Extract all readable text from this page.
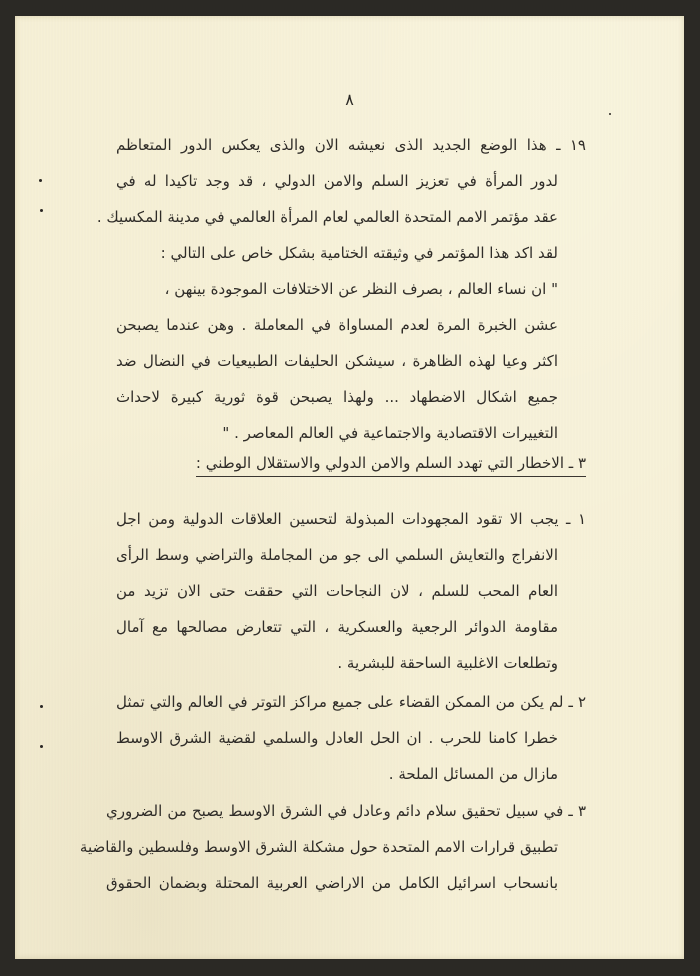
٨
١٩ ـ هذا الوضع الجديد الذى نعيشه الان والذى يعكس الدور المتعاظم
لدور المرأة في تعزيز السلم والامن الدولي ، قد وجد تاكيدا له في
عقد مؤتمر الامم المتحدة العالمي لعام المرأة العالمي في مدينة المكسيك .
لقد اكد هذا المؤتمر في وثيقته الختامية بشكل خاص على التالي :
" ان نساء العالم ، بصرف النظر عن الاختلافات الموجودة بينهن ،
عشن الخبرة المرة لعدم المساواة في المعاملة . وهن عندما يصبحن
اكثر وعيا لهذه الظاهرة ، سيشكن الحليفات الطبيعيات في النضال ضد
جميع اشكال الاضطهاد ... ولهذا يصبحن قوة ثورية كبيرة لاحداث
التغييرات الاقتصادية والاجتماعية في العالم المعاصر . "
٣ ـ الاخطار التي تهدد السلم والامن الدولي والاستقلال الوطني :
١ ـ يجب الا تقود المجهودات المبذولة لتحسين العلاقات الدولية ومن اجل
الانفراج والتعايش السلمي الى جو من المجاملة والتراضي وسط الرأى
العام المحب للسلم ، لان النجاحات التي حققت حتى الان تزيد من
مقاومة الدوائر الرجعية والعسكرية ، التي تتعارض مصالحها مع آمال
وتطلعات الاغلبية الساحقة للبشرية .
٢ ـ لم يكن من الممكن القضاء على جميع مراكز التوتر في العالم والتي تمثل
خطرا كامنا للحرب . ان الحل العادل والسلمي لقضية الشرق الاوسط
مازال من المسائل الملحة .
٣ ـ في سبيل تحقيق سلام دائم وعادل في الشرق الاوسط يصبح من الضروري
تطبيق قرارات الامم المتحدة حول مشكلة الشرق الاوسط وفلسطين والقاضية
بانسحاب اسرائيل الكامل من الاراضي العربية المحتلة وبضمان الحقوق
